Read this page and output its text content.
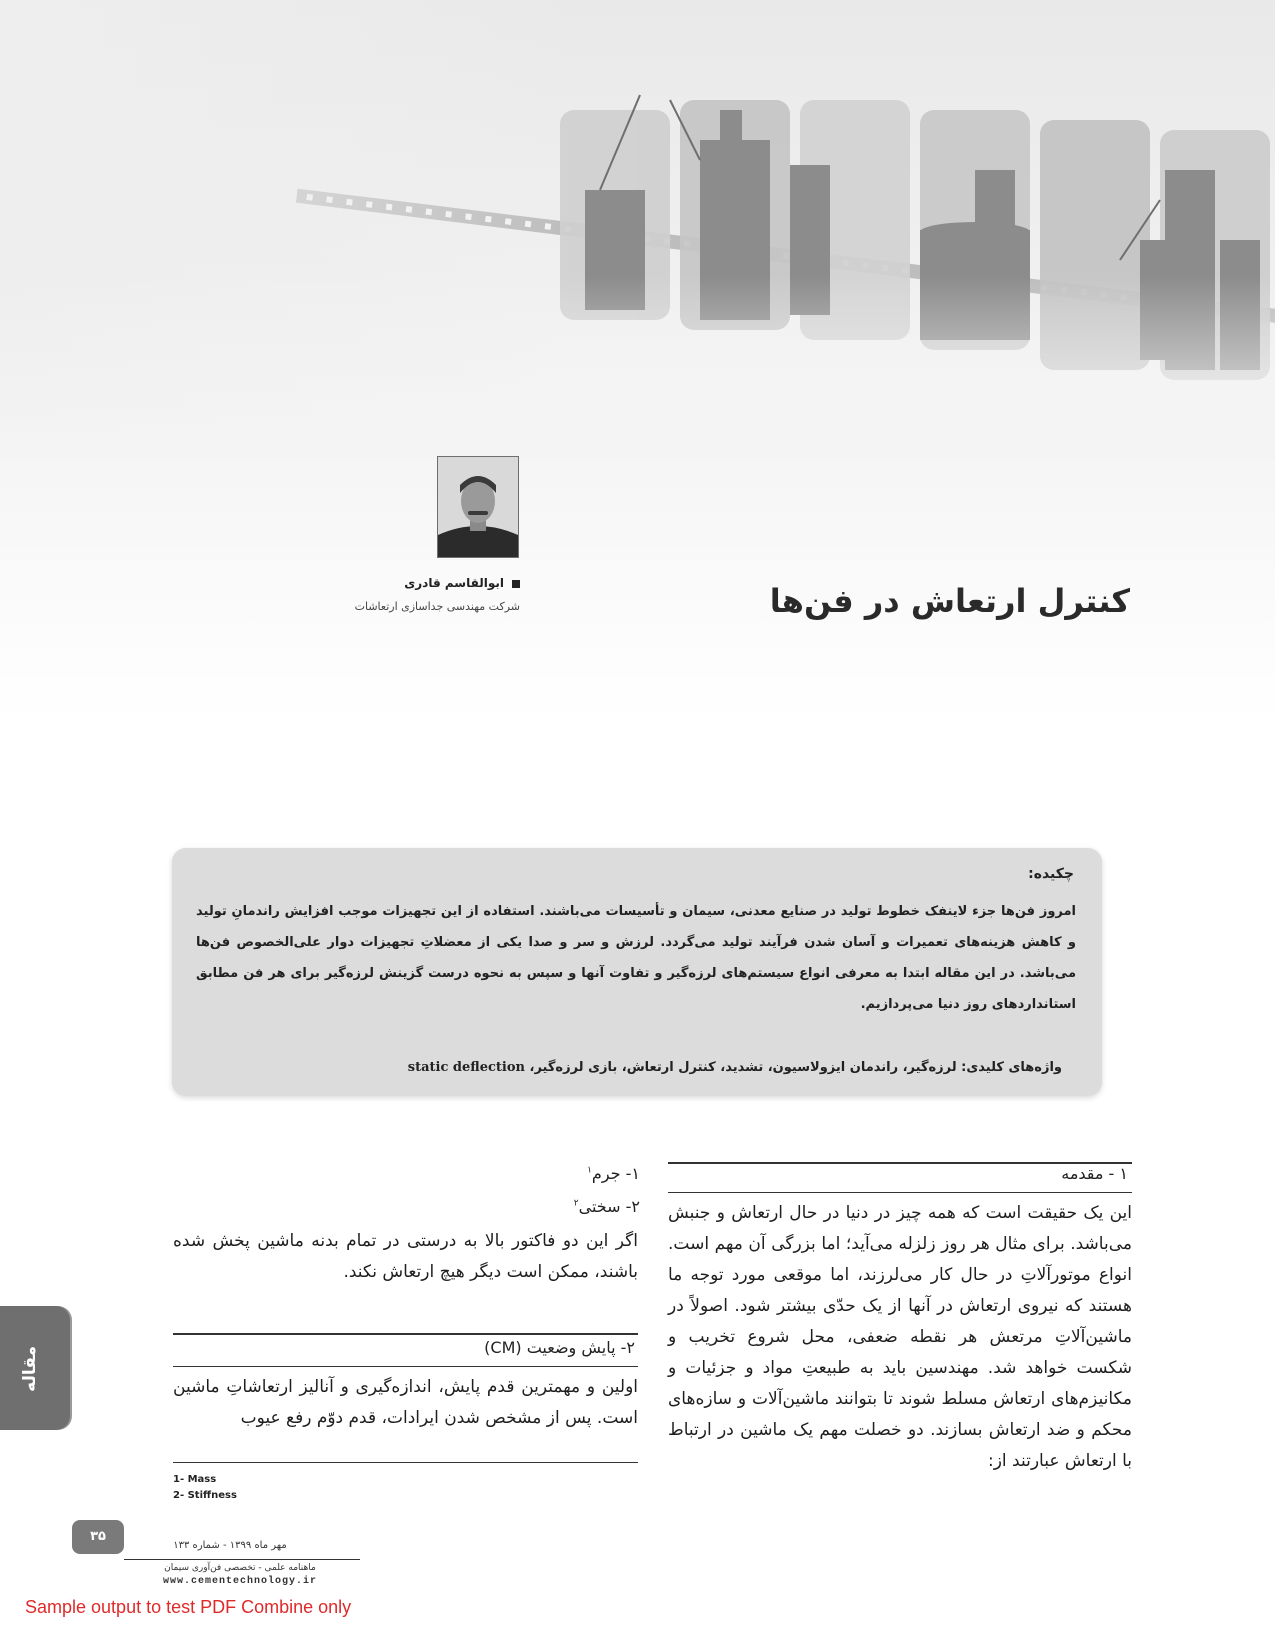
ابوالقاسم قادری
شرکت مهندسی جداسازی ارتعاشات	کنترل ارتعاش در فن‌ها
چکیده:
امروز فن‌ها جزء لاینفک خطوط تولید در صنایع معدنی، سیمان و تأسیسات می‌باشند. استفاده از این تجهیزات موجب افزایش راندمانِ تولید و کاهش هزینه‌های تعمیرات و آسان شدن فرآیند تولید می‌گردد. لرزش و سر و صدا یکی از معضلاتِ تجهیزات دوار علی‌الخصوص فن‌ها می‌باشد. در این مقاله ابتدا به معرفی انواع سیستم‌های لرزه‌گیر و تفاوت آنها و سپس به نحوه درست گزینش لرزه‌گیر برای هر فن مطابق استانداردهای روز دنیا می‌پردازیم.
واژه‌های کلیدی: لرزه‌گیر، راندمان ایزولاسیون، تشدید، کنترل ارتعاش، بازی لرزه‌گیر، static deflection
۱ - مقدمه
این یک حقیقت است که همه چیز در دنیا در حال ارتعاش و جنبش می‌باشد. برای مثال هر روز زلزله می‌آید؛ اما بزرگی آن مهم است. انواع موتورآلاتِ در حال کار می‌لرزند، اما موقعی مورد توجه ما هستند که نیروی ارتعاش در آنها از یک حدّی بیشتر شود. اصولاً در ماشین‌آلاتِ مرتعش هر نقطه ضعفی، محل شروع تخریب و شکست خواهد شد. مهندسین باید به طبیعتِ مواد و جزئیات و مکانیزم‌های ارتعاش مسلط شوند تا بتوانند ماشین‌آلات و سازه‌های محکم و ضد ارتعاش بسازند. دو خصلت مهم یک ماشین در ارتباط با ارتعاش عبارتند از:
۱- جرم$^۱$
۲- سختی$^۲$
اگر این دو فاکتور بالا به درستی در تمام بدنه ماشین پخش شده باشند، ممکن است دیگر هیچ ارتعاش نکند.
۲- پایش وضعیت (CM)
اولین و مهمترین قدم پایش، اندازه‌گیری و آنالیز ارتعاشاتِ ماشین است. پس از مشخص شدن ایرادات، قدم دوّم رفع عیوب
1- Mass
2- Stiffness
مقاله
۳۵
مهر ماه ۱۳۹۹ - شماره ۱۳۳
ماهنامه علمی - تخصصی فن‌آوری سیمان
www.cementechnology.ir
Sample output to test PDF Combine only
